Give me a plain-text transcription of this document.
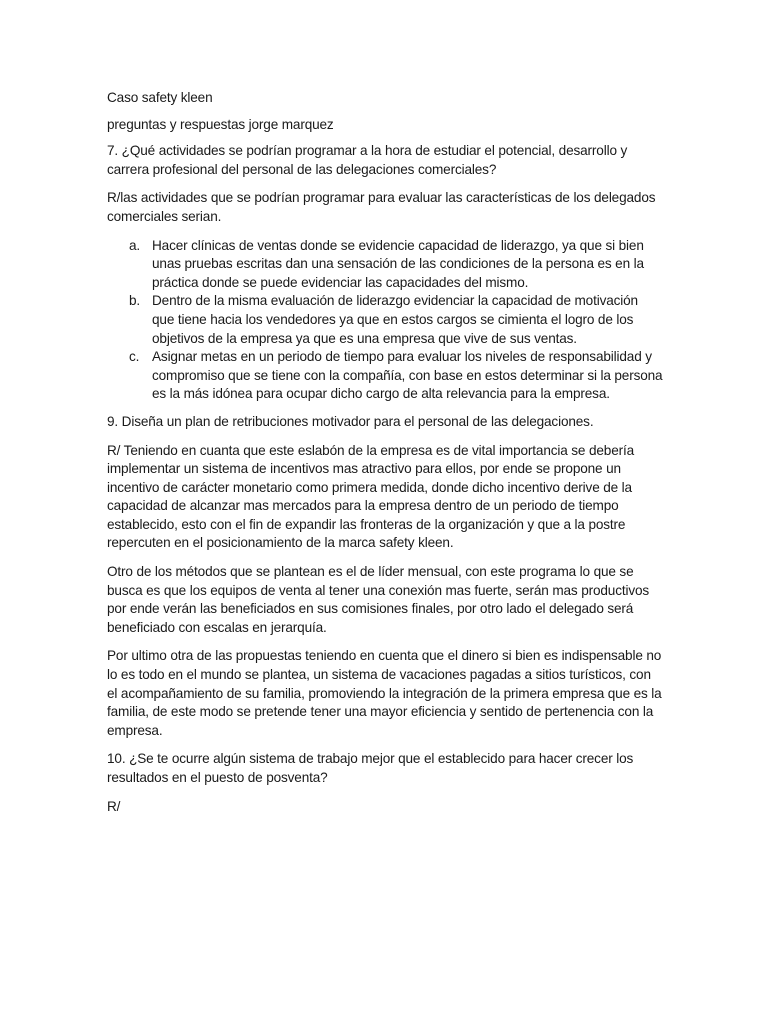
Caso safety kleen

preguntas y respuestas jorge marquez

7. ¿Qué actividades se podrían programar a la hora de estudiar el potencial, desarrollo y carrera profesional del personal de las delegaciones comerciales?

R/las actividades que se podrían programar para evaluar las características de los delegados comerciales serian.

a. Hacer clínicas de ventas donde se evidencie capacidad de liderazgo, ya que si bien unas pruebas escritas dan una sensación de las condiciones de la persona es en la práctica donde se puede evidenciar las capacidades del mismo.
b. Dentro de la misma evaluación de liderazgo evidenciar la capacidad de motivación que tiene hacia los vendedores ya que en estos cargos se cimienta el logro de los objetivos de la empresa ya que es una empresa que vive de sus ventas.
c. Asignar metas en un periodo de tiempo para evaluar los niveles de responsabilidad y compromiso que se tiene con la compañía, con base en estos determinar si la persona es la más idónea para ocupar dicho cargo de alta relevancia para la empresa.

9. Diseña un plan de retribuciones motivador para el personal de las delegaciones.

R/ Teniendo en cuanta que este eslabón de la empresa es de vital importancia se debería implementar un sistema de incentivos mas atractivo para ellos, por ende se propone un incentivo de carácter monetario como primera medida, donde dicho incentivo derive de la capacidad de alcanzar mas mercados para la empresa dentro de un periodo de tiempo establecido, esto con el fin de expandir las fronteras de la organización y que a la postre repercuten en el posicionamiento de la marca safety kleen.

Otro de los métodos que se plantean es el de líder mensual, con este programa lo que se busca es que los equipos de venta al tener una conexión mas fuerte, serán mas productivos por ende verán las beneficiados en sus comisiones finales, por otro lado el delegado será beneficiado con escalas en jerarquía.

Por ultimo otra de las propuestas teniendo en cuenta que el dinero si bien es indispensable no lo es todo en el mundo se plantea, un sistema de vacaciones pagadas a sitios turísticos, con el acompañamiento de su familia, promoviendo la integración de la primera empresa que es la familia, de este modo se pretende tener una mayor eficiencia y sentido de pertenencia con la empresa.

10. ¿Se te ocurre algún sistema de trabajo mejor que el establecido para hacer crecer los resultados en el puesto de posventa?

R/
